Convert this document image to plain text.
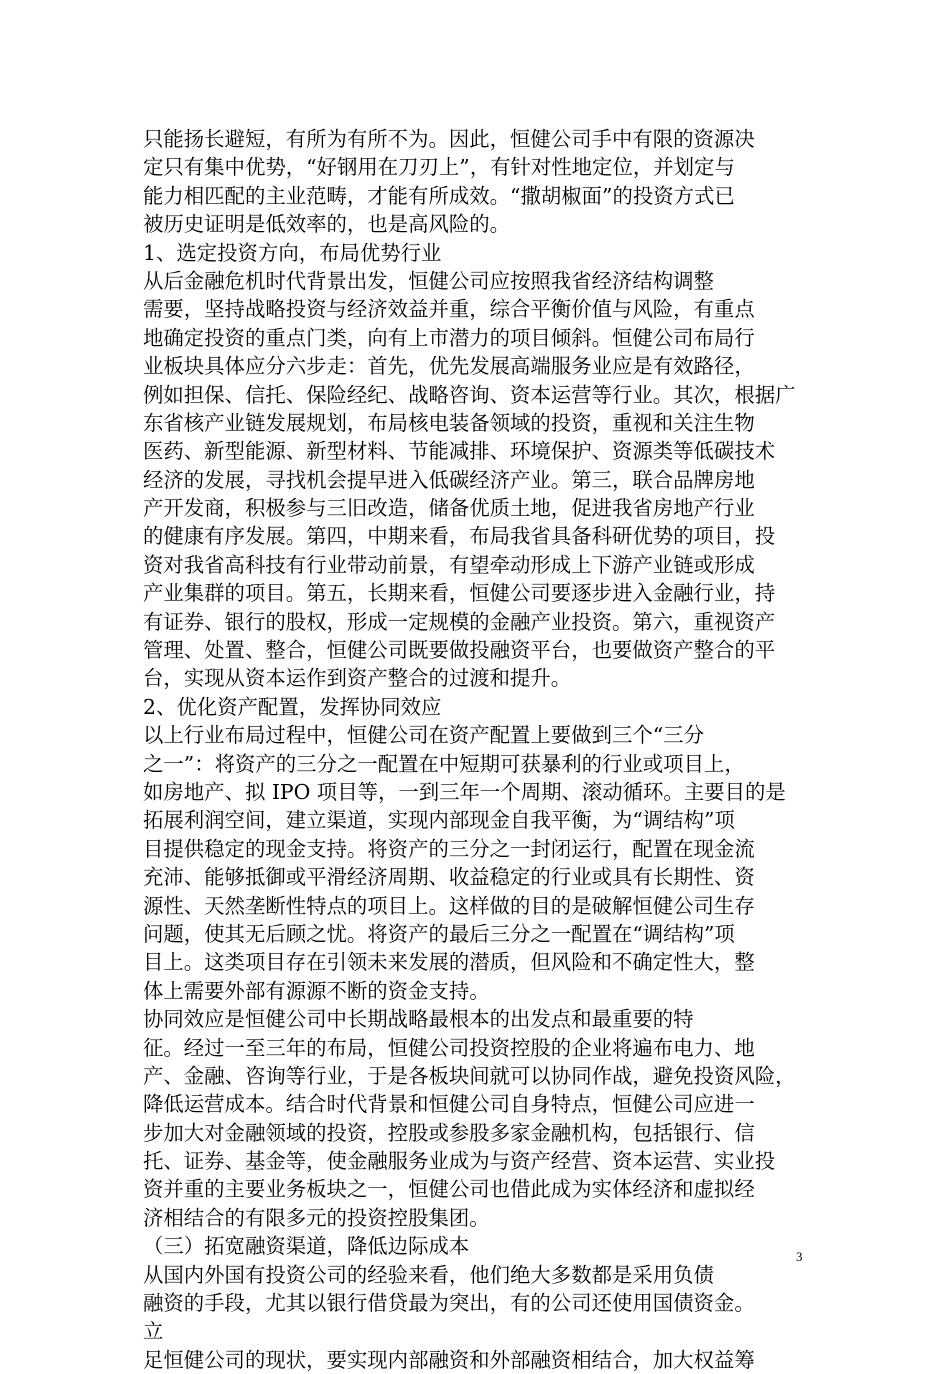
只能扬长避短，有所为有所不为。因此，恒健公司手中有限的资源决
定只有集中优势，“好钢用在刀刃上”，有针对性地定位，并划定与
能力相匹配的主业范畴，才能有所成效。“撒胡椒面”的投资方式已
被历史证明是低效率的，也是高风险的。
1、选定投资方向，布局优势行业
从后金融危机时代背景出发，恒健公司应按照我省经济结构调整
需要，坚持战略投资与经济效益并重，综合平衡价值与风险，有重点
地确定投资的重点门类，向有上市潜力的项目倾斜。恒健公司布局行
业板块具体应分六步走：首先，优先发展高端服务业应是有效路径，
例如担保、信托、保险经纪、战略咨询、资本运营等行业。其次，根据广
东省核产业链发展规划，布局核电装备领域的投资，重视和关注生物
医药、新型能源、新型材料、节能减排、环境保护、资源类等低碳技术
经济的发展，寻找机会提早进入低碳经济产业。第三，联合品牌房地
产开发商，积极参与三旧改造，储备优质土地，促进我省房地产行业
的健康有序发展。第四，中期来看，布局我省具备科研优势的项目，投
资对我省高科技有行业带动前景，有望牵动形成上下游产业链或形成
产业集群的项目。第五，长期来看，恒健公司要逐步进入金融行业，持
有证券、银行的股权，形成一定规模的金融产业投资。第六，重视资产
管理、处置、整合，恒健公司既要做投融资平台，也要做资产整合的平
台，实现从资本运作到资产整合的过渡和提升。
2、优化资产配置，发挥协同效应
以上行业布局过程中，恒健公司在资产配置上要做到三个“三分
之一”：将资产的三分之一配置在中短期可获暴利的行业或项目上，
如房地产、拟 IPO 项目等，一到三年一个周期、滚动循环。主要目的是
拓展利润空间，建立渠道，实现内部现金自我平衡，为“调结构”项
目提供稳定的现金支持。将资产的三分之一封闭运行，配置在现金流
充沛、能够抵御或平滑经济周期、收益稳定的行业或具有长期性、资
源性、天然垄断性特点的项目上。这样做的目的是破解恒健公司生存
问题，使其无后顾之忧。将资产的最后三分之一配置在“调结构”项
目上。这类项目存在引领未来发展的潜质，但风险和不确定性大，整
体上需要外部有源源不断的资金支持。
协同效应是恒健公司中长期战略最根本的出发点和最重要的特
征。经过一至三年的布局，恒健公司投资控股的企业将遍布电力、地
产、金融、咨询等行业，于是各板块间就可以协同作战，避免投资风险，
降低运营成本。结合时代背景和恒健公司自身特点，恒健公司应进一
步加大对金融领域的投资，控股或参股多家金融机构，包括银行、信
托、证券、基金等，使金融服务业成为与资产经营、资本运营、实业投
资并重的主要业务板块之一，恒健公司也借此成为实体经济和虚拟经
济相结合的有限多元的投资控股集团。
（三）拓宽融资渠道，降低边际成本
从国内外国有投资公司的经验来看，他们绝大多数都是采用负债
融资的手段，尤其以银行借贷最为突出，有的公司还使用国债资金。
立
足恒健公司的现状，要实现内部融资和外部融资相结合，加大权益筹
3
